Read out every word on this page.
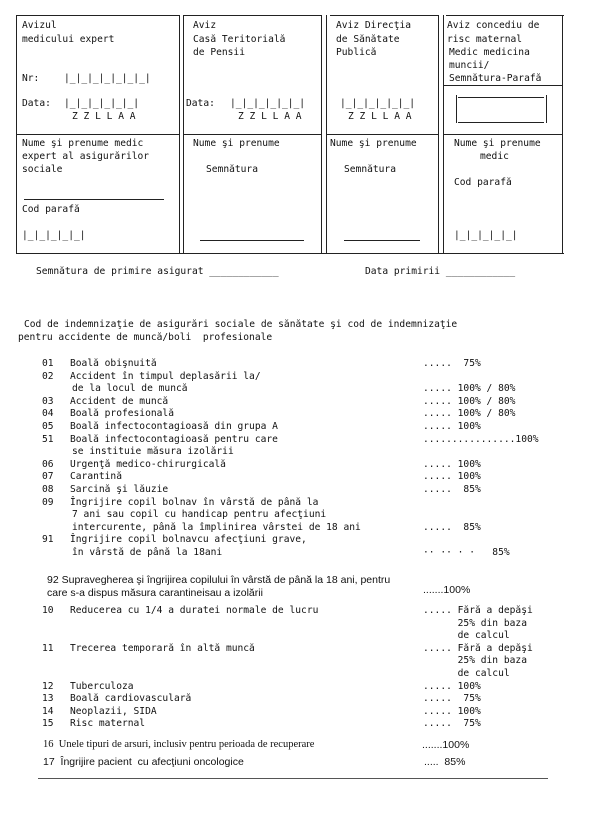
Avizul
medicului expert
Nr:	|_|_|_|_|_|_|_|
Data: |_|_|_|_|_|_|
Z Z L L A A
Nume şi prenume medic
expert al asigurărilor
sociale
Cod parafă
|_|_|_|_|_|
Aviz
Casă Teritorială
de Pensii
Data: |_|_|_|_|_|_|
Z Z L L A A
Nume şi prenume
Semnătura
Aviz Direcţia
de Sănătate
Publică
|_|_|_|_|_|_|
Z Z L L A A
Nume şi prenume
Semnătura
Aviz concediu de
risc maternal
Medic medicina
muncii/
Semnătura-Parafă
Nume şi prenume
medic
Cod parafă
|_|_|_|_|_|
Semnătura de primire asigurat ____________	Data primirii ____________
Cod de indemnizaţie de asigurări sociale de sănătate şi cod de indemnizaţie
pentru accidente de muncă/boli  profesionale
01 Boală obişnuită	.....  75%
02 Accident în timpul deplasării la/
de la locul de muncă	..... 100% / 80%
03 Accident de muncă	..... 100% / 80%
04 Boală profesională	..... 100% / 80%
05 Boală infectocontagioasă din grupa A	..... 100%
51 Boală infectocontagioasă pentru care	................100%
se instituie măsura izolării
06 Urgenţă medico-chirurgicală	..... 100%
07 Carantină	..... 100%
08 Sarcină şi lăuzie	.....  85%
09 Îngrijire copil bolnav în vârstă de până la
7 ani sau copil cu handicap pentru afecţiuni
intercurente, până la împlinirea vârstei de 18 ani	.....  85%
91 Îngrijire copil bolnavcu afecţiuni grave,
în vârstă de până la 18ani	·· ·· · ·   85%
92 Supravegherea şi îngrijirea copilului în vârstă de până la 18 ani, pentru
care s-a dispus măsura carantineisau a izolării	.......100%
10 Reducerea cu 1/4 a duratei normale de lucru	..... Fără a depăşi
25% din baza
de calcul
11 Trecerea temporară în altă muncă	..... Fără a depăşi
25% din baza
de calcul
12 Tuberculoza	..... 100%
13 Boală cardiovasculară	.....  75%
14 Neoplazii, SIDA	..... 100%
15 Risc maternal	.....  75%
16 Unele tipuri de arsuri, inclusiv pentru perioada de recuperare	.......100%
17 Îngrijire pacient  cu afecţiuni oncologice	.....  85%
